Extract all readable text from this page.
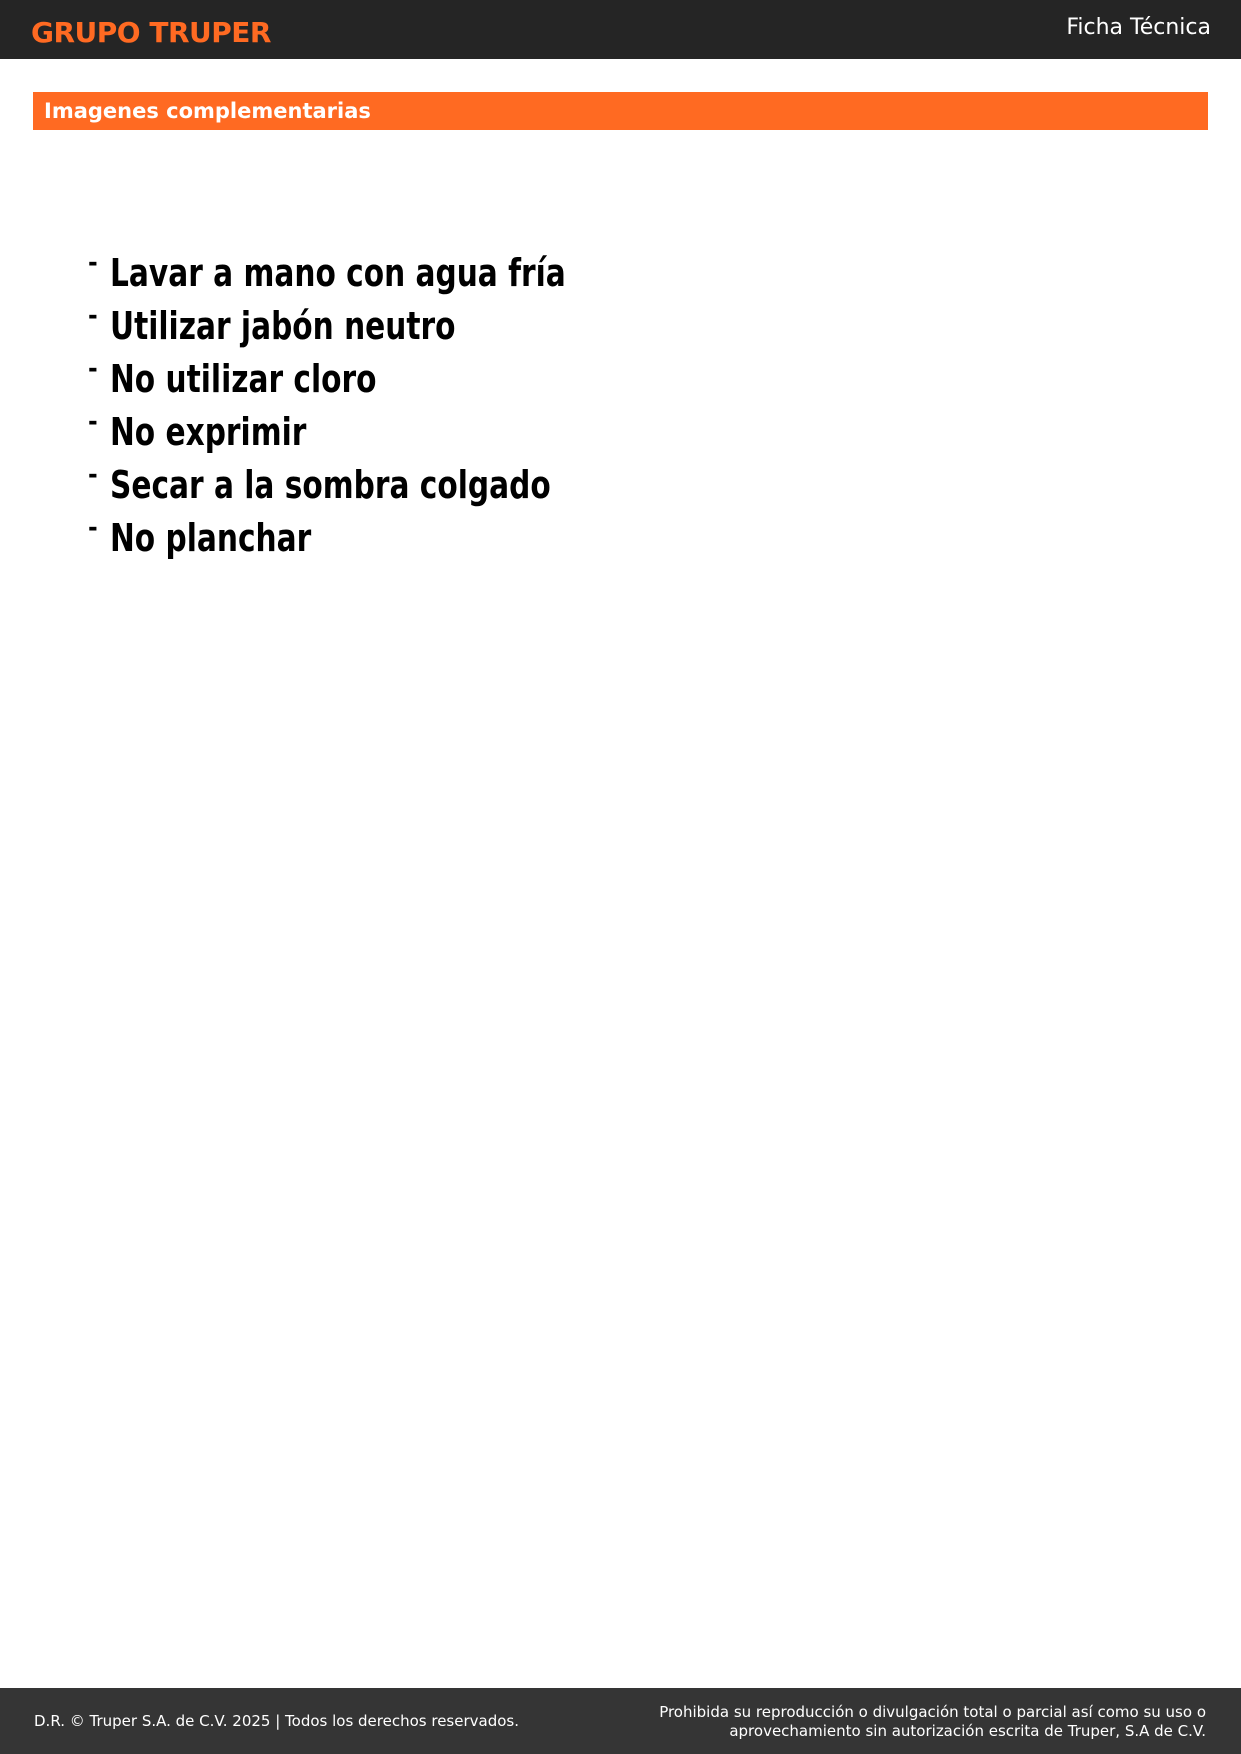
GRUPO TRUPER	Ficha Técnica
Imagenes complementarias
- Lavar a mano con agua fría
- Utilizar jabón neutro
- No utilizar cloro
- No exprimir
- Secar a la sombra colgado
- No planchar
D.R. © Truper S.A. de C.V. 2025 | Todos los derechos reservados.	Prohibida su reproducción o divulgación total o parcial así como su uso o
aprovechamiento sin autorización escrita de Truper, S.A de C.V.
